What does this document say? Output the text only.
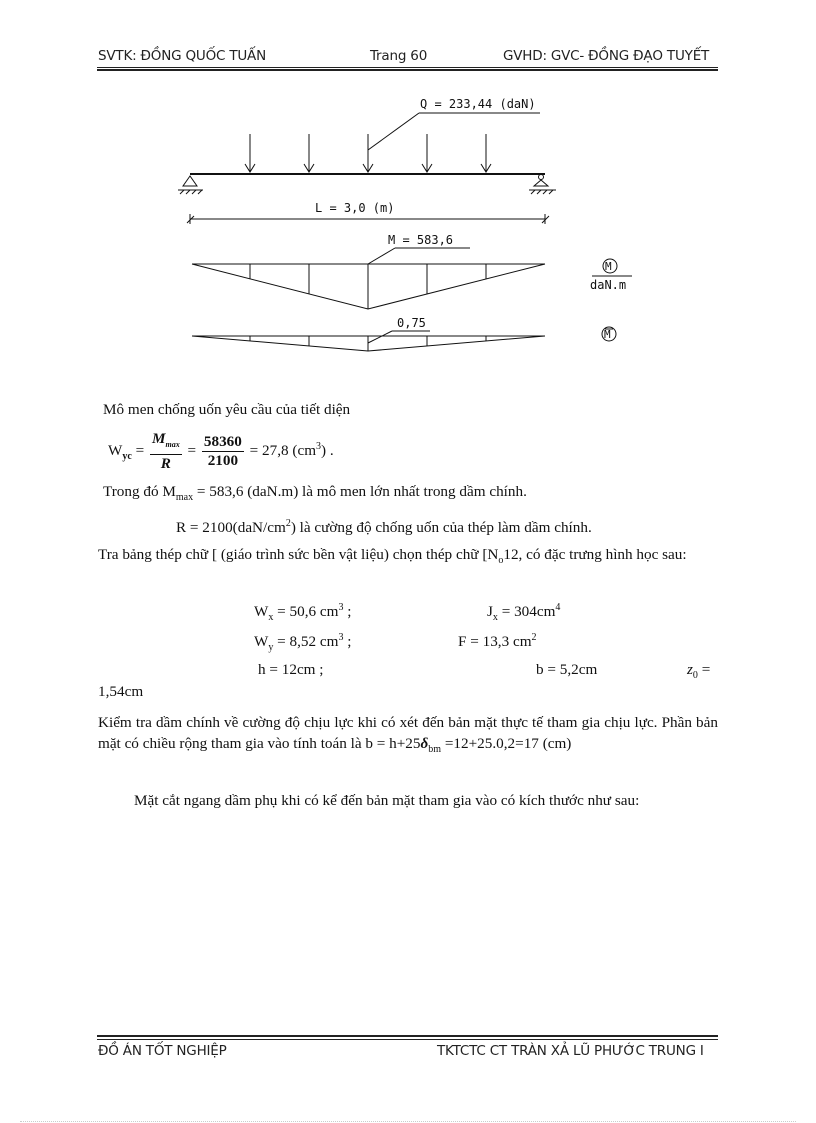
SVTK: ĐỒNG QUỐC TUẤN	Trang 60	GVHD: GVC- ĐỒNG ĐẠO TUYẾT
Q = 233,44 (daN)
L = 3,0 (m)
M = 583,6
0,75
M
daN.m
M
Mô men chống uốn yêu cầu của tiết diện
$W_{yc} = \frac{M_{max}}{R} = \frac{58360}{2100} = 27,8$ $(cm^3)$ .
Trong đó $M_{max} = 583,6$ (daN.m) là mô men lớn nhất trong dầm chính.
$R = 2100(daN/cm^2)$ là cường độ chống uốn của thép làm dầm chính.
Tra bảng thép chữ [ (giáo trình sức bền vật liệu) chọn thép chữ [$N_o12$, có đặc trưng hình học sau:
$W_x = 50,6$ $cm^3$ ;	$J_x = 304cm^4$
$W_y = 8,52$ $cm^3$ ;	F = 13,3 $cm^2$
h = 12cm ;	b = 5,2cm	$z_0$ =
1,54cm
Kiểm tra dầm chính về cường độ chịu lực khi có xét đến bản mặt thực tế tham gia chịu lực. Phần bản mặt có chiều rộng tham gia vào tính toán là $b = h+25\delta_{bm} =12+25.0,2=17$ (cm)
Mặt cắt ngang dầm phụ khi có kể đến bản mặt tham gia vào có kích thước như sau:
ĐỒ ÁN TỐT NGHIỆP	TKTCTC CT TRÀN XẢ LŨ PHƯỚC TRUNG I
